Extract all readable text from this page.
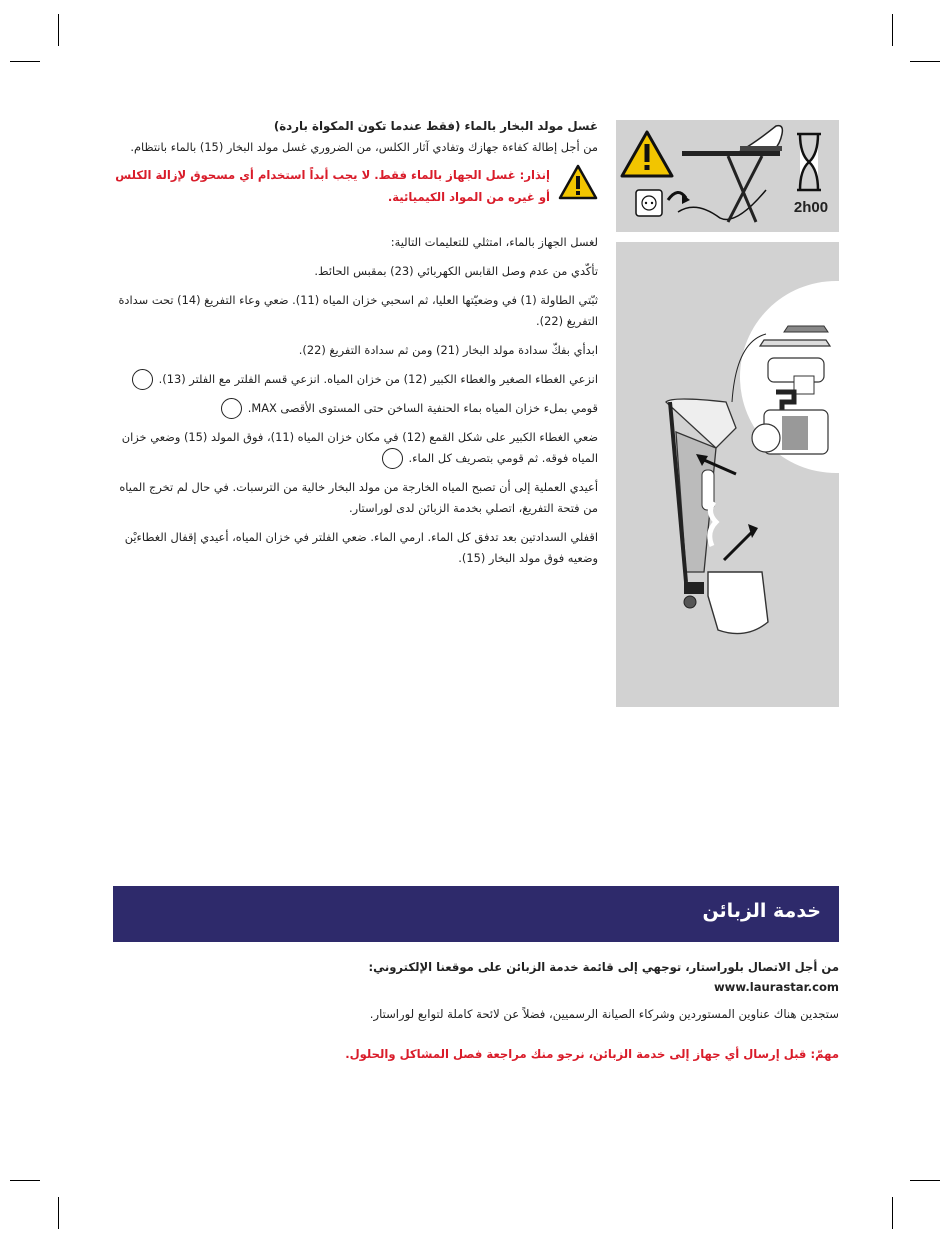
غسل مولد البخار بالماء (فقط عندما تكون المكواة باردة)
من أجل إطالة كفاءة جهازك وتفادي آثار الكلس، من الضروري غسل مولد البخار (15) بالماء بانتظام.
إنذار: غسل الجهاز بالماء فقط. لا يجب أبداً استخدام أي مسحوق لإزالة الكلس أو غيره من المواد الكيميائية.

لغسل الجهاز بالماء، امتثلي للتعليمات التالية:

تأكّدي من عدم وصل القابس الكهربائي (23) بمقبس الحائط.

ثبّتي الطاولة (1) في وضعيّتها العليا، ثم اسحبي خزان المياه (11). ضعي وعاء التفريغ (14) تحت سدادة التفريغ (22).

ابدأي بفكّ سدادة مولد البخار (21) ومن ثم سدادة التفريغ (22).

انزعي الغطاء الصغير والغطاء الكبير (12) من خزان المياه. انزعي قسم الفلتر مع الفلتر (13).

قومي بملء خزان المياه بماء الحنفية الساخن حتى المستوى الأقصى MAX.

ضعي الغطاء الكبير على شكل القمع (12) في مكان خزان المياه (11)، فوق المولد (15) وضعي خزان المياه فوقه. ثم قومي بتصريف كل الماء.

أعيدي العملية إلى أن تصبح المياه الخارجة من مولد البخار خالية من الترسبات. في حال لم تخرج المياه من فتحة التفريغ، اتصلي بخدمة الزبائن لدى لوراستار.

اقفلي السدادتين بعد تدفق كل الماء. ارمي الماء. ضعي الفلتر في خزان المياه، أعيدي إقفال الغطاءيْن وضعيه فوق مولد البخار (15).

2h00
خدمة الزبائن
من أجل الاتصال بلوراستار، توجهي إلى قائمة خدمة الزبائن على موقعنا الإلكتروني:
www.laurastar.com
ستجدين هناك عناوين المستوردين وشركاء الصيانة الرسميين، فضلاً عن لائحة كاملة لتوابع لوراستار.
مهمّ: قبل إرسال أي جهاز إلى خدمة الزبائن، نرجو منك مراجعة فصل المشاكل والحلول.
